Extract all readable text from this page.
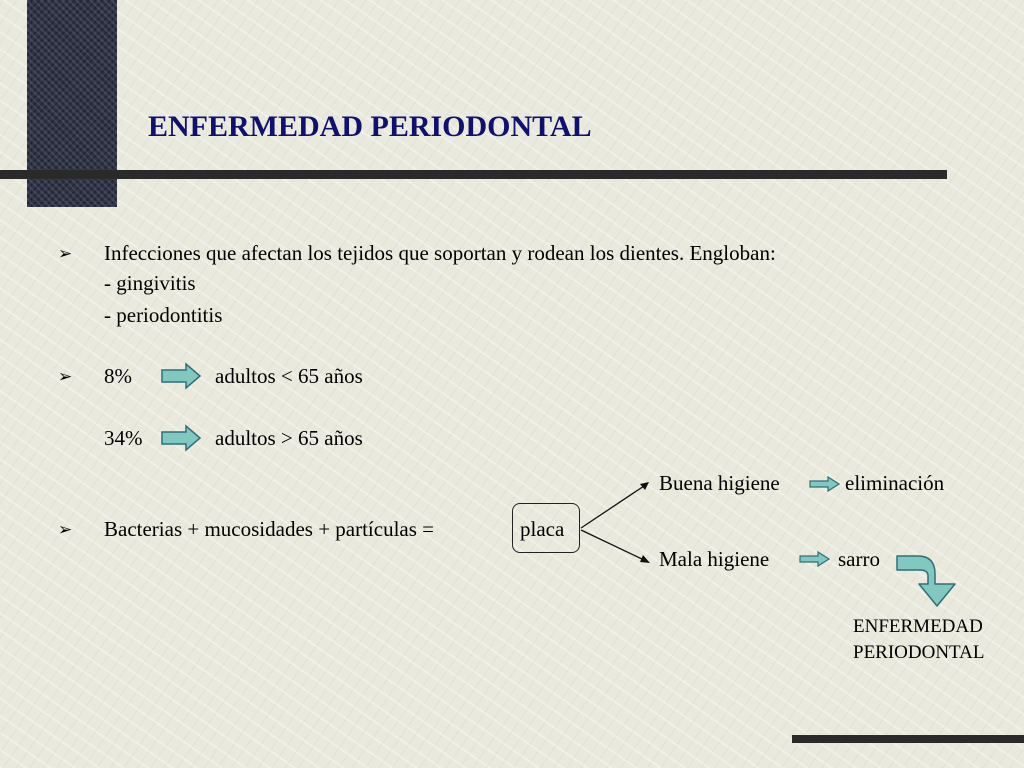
ENFERMEDAD PERIODONTAL
➢ Infecciones que afectan los tejidos que soportan y rodean los dientes. Engloban:
- gingivitis
- periodontitis
➢ 8%	adultos < 65 años
34%	adultos > 65 años
➢ Bacterias + mucosidades + partículas =	placa
Buena higiene	eliminación
Mala higiene	sarro
ENFERMEDAD
PERIODONTAL
